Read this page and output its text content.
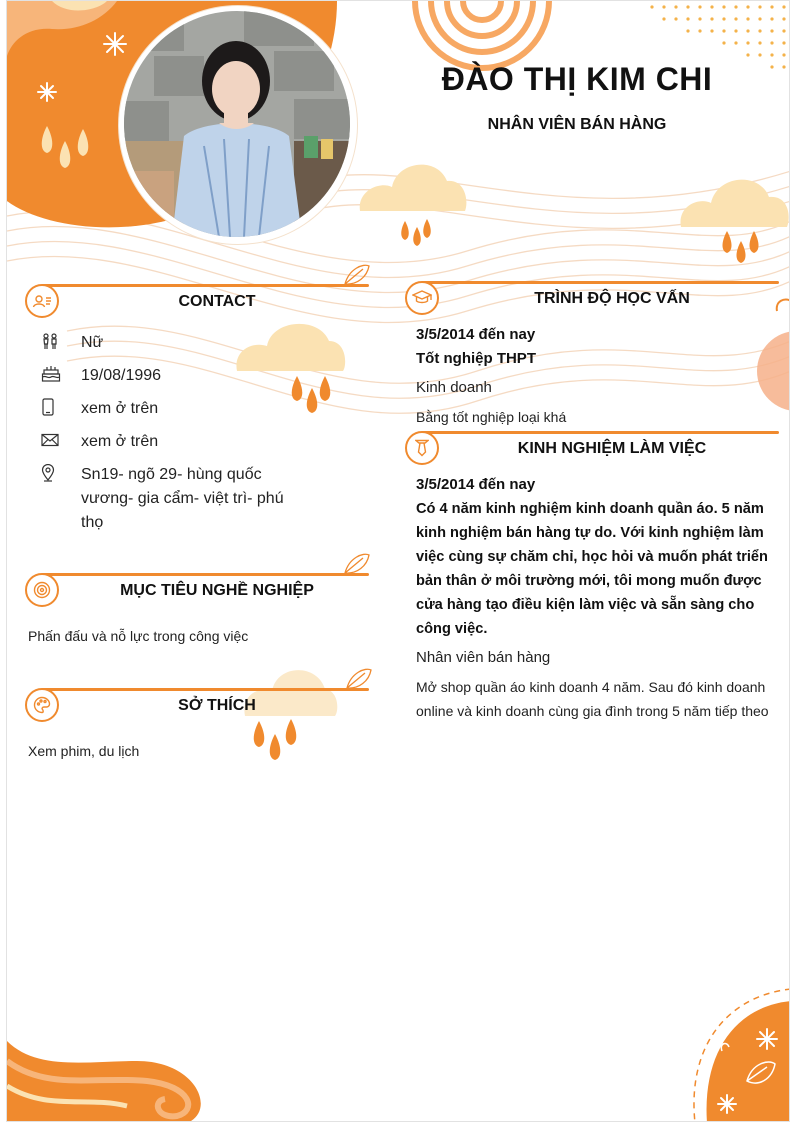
ĐÀO THỊ KIM CHI
NHÂN VIÊN BÁN HÀNG
CONTACT
Nữ
19/08/1996
xem ở trên
xem ở trên
Sn19- ngõ 29- hùng quốc vương- gia cẩm- việt trì- phú thọ
MỤC TIÊU NGHỀ NGHIỆP
Phấn đấu và nỗ lực trong công việc
SỞ THÍCH
Xem phim, du lịch
TRÌNH ĐỘ HỌC VẤN
3/5/2014 đến nay
Tốt nghiệp THPT
Kinh doanh
Bằng tốt nghiệp loại khá
KINH NGHIỆM LÀM VIỆC
3/5/2014 đến nay
Có 4 năm kinh nghiệm kinh doanh quần áo. 5 năm kinh nghiệm bán hàng tự do. Với kinh nghiệm làm việc cùng sự chăm chỉ, học hỏi và muốn phát triển bản thân ở môi trường mới, tôi mong muốn được cửa hàng tạo điều kiện làm việc và sẵn sàng cho công việc.
Nhân viên bán hàng
Mở shop quần áo kinh doanh 4 năm. Sau đó kinh doanh online và kinh doanh cùng gia đình trong 5 năm tiếp theo
